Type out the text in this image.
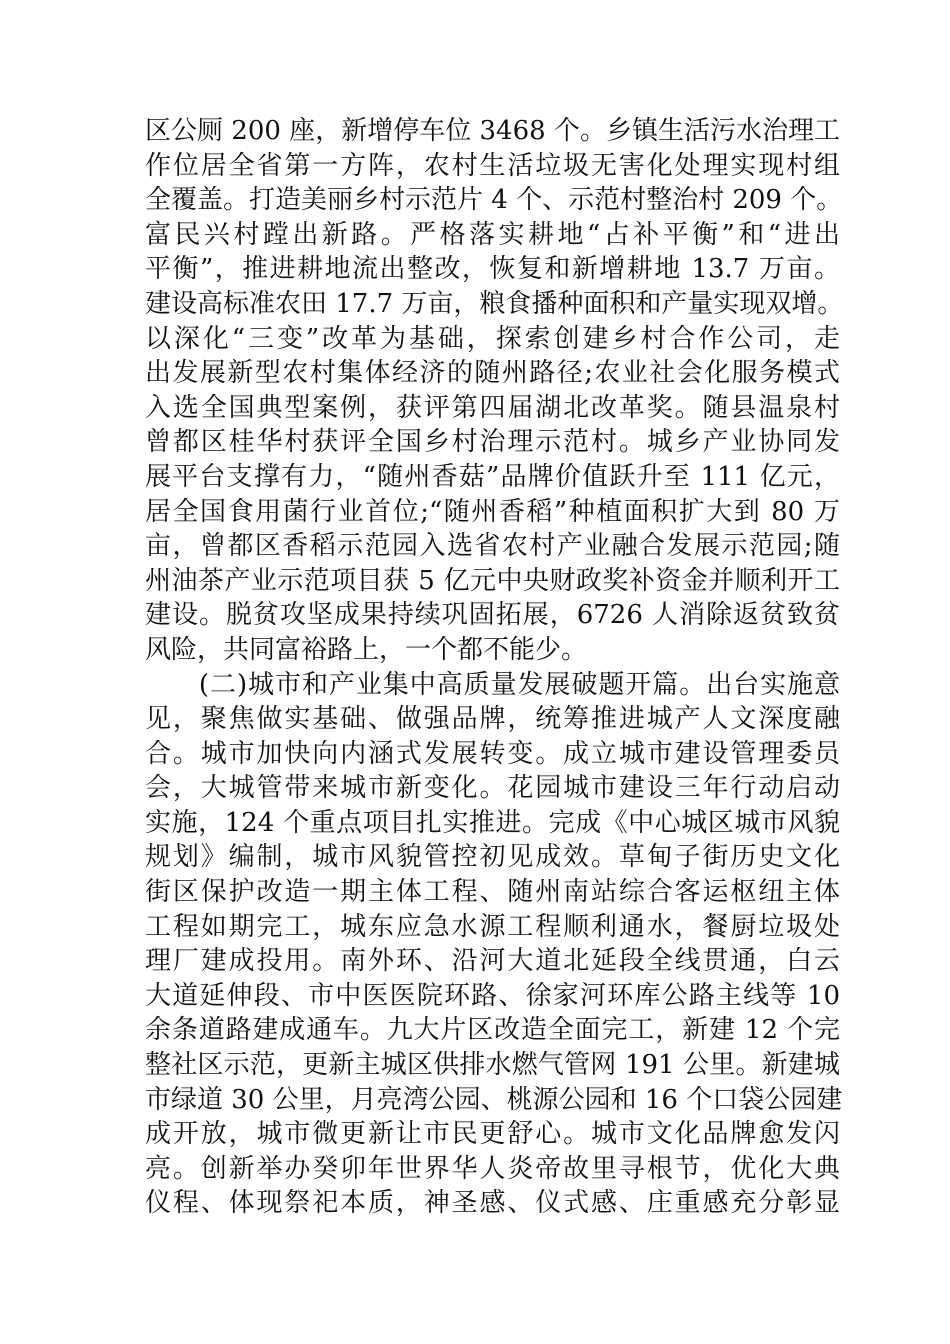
区公厕 200 座，新增停车位 3468 个。乡镇生活污水治理工
作位居全省第一方阵，农村生活垃圾无害化处理实现村组
全覆盖。打造美丽乡村示范片 4 个、示范村整治村 209 个。
富民兴村蹚出新路。严格落实耕地“占补平衡”和“进出
平衡”，推进耕地流出整改，恢复和新增耕地 13.7 万亩。
建设高标准农田 17.7 万亩，粮食播种面积和产量实现双增。
以深化“三变”改革为基础，探索创建乡村合作公司，走
出发展新型农村集体经济的随州路径;农业社会化服务模式
入选全国典型案例，获评第四届湖北改革奖。随县温泉村
曾都区桂华村获评全国乡村治理示范村。城乡产业协同发
展平台支撑有力，“随州香菇”品牌价值跃升至 111 亿元，
居全国食用菌行业首位;“随州香稻”种植面积扩大到 80 万
亩，曾都区香稻示范园入选省农村产业融合发展示范园;随
州油茶产业示范项目获 5 亿元中央财政奖补资金并顺利开工
建设。脱贫攻坚成果持续巩固拓展，6726 人消除返贫致贫
风险，共同富裕路上，一个都不能少。
　　(二)城市和产业集中高质量发展破题开篇。出台实施意
见，聚焦做实基础、做强品牌，统筹推进城产人文深度融
合。城市加快向内涵式发展转变。成立城市建设管理委员
会，大城管带来城市新变化。花园城市建设三年行动启动
实施，124 个重点项目扎实推进。完成《中心城区城市风貌
规划》编制，城市风貌管控初见成效。草甸子街历史文化
街区保护改造一期主体工程、随州南站综合客运枢纽主体
工程如期完工，城东应急水源工程顺利通水，餐厨垃圾处
理厂建成投用。南外环、沿河大道北延段全线贯通，白云
大道延伸段、市中医医院环路、徐家河环库公路主线等 10
余条道路建成通车。九大片区改造全面完工，新建 12 个完
整社区示范，更新主城区供排水燃气管网 191 公里。新建城
市绿道 30 公里，月亮湾公园、桃源公园和 16 个口袋公园建
成开放，城市微更新让市民更舒心。城市文化品牌愈发闪
亮。创新举办癸卯年世界华人炎帝故里寻根节，优化大典
仪程、体现祭祀本质，神圣感、仪式感、庄重感充分彰显
